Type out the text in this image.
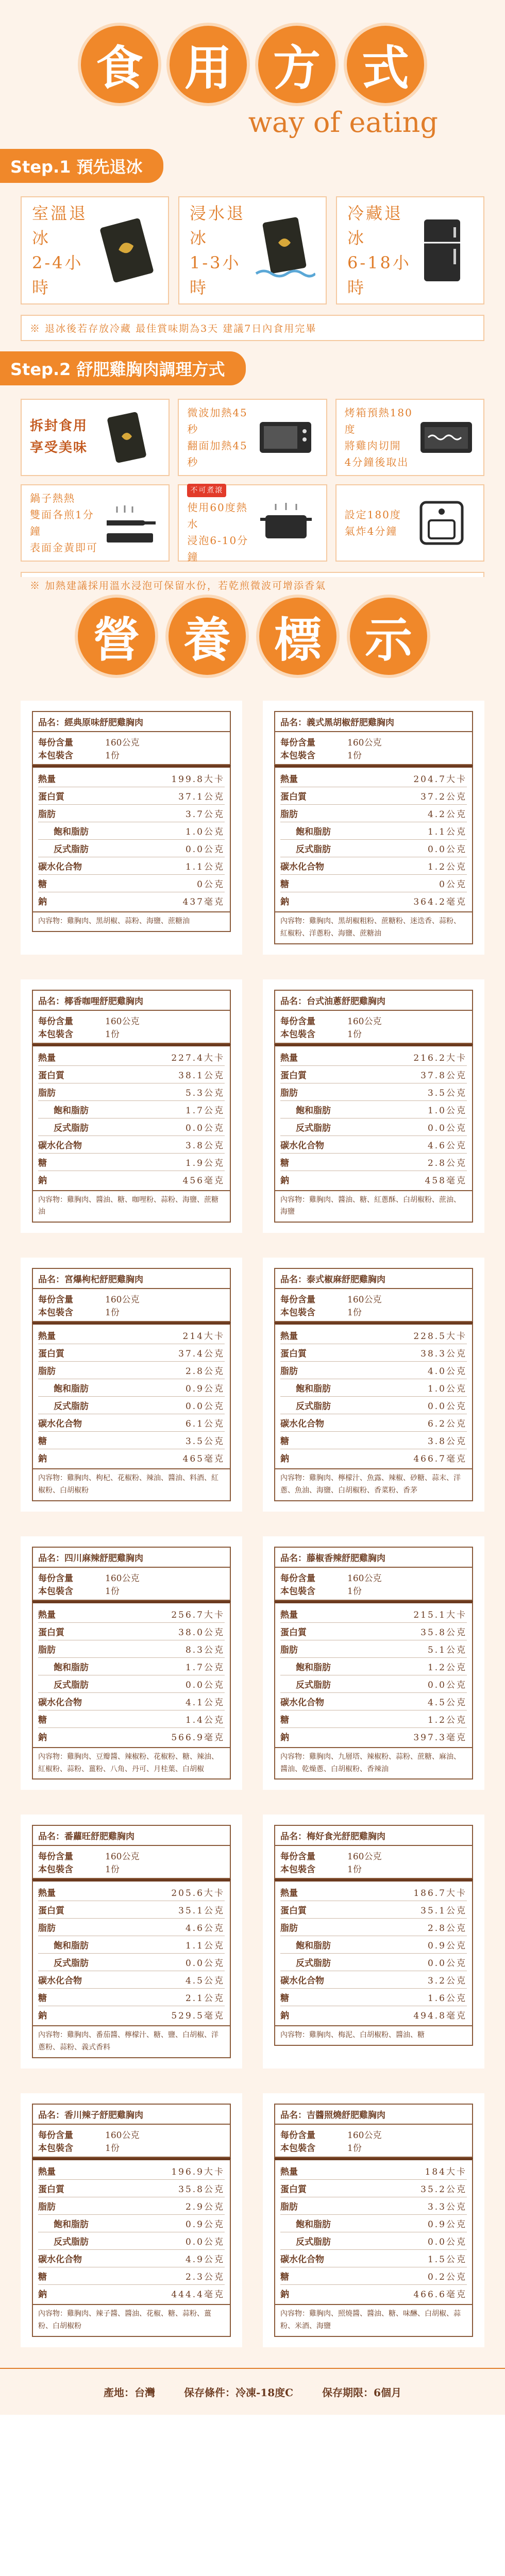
食 用 方 式
way of eating
Step.1 預先退冰
室溫退冰
2-4小時
浸水退冰
1-3小時
冷藏退冰
6-18小時
※ 退冰後若存放冷藏 最佳賞味期為3天 建議7日內食用完畢
Step.2 舒肥雞胸肉調理方式
拆封食用
享受美味
微波加熱45秒
翻面加熱45秒
烤箱預熱180度
將雞肉切開
4分鐘後取出
鍋子熱熱
雙面各煎1分鐘
表面金黃即可
不可煮滾
使用60度熱水
浸泡6-10分鐘
設定180度
氣炸4分鐘
※ 加熱建議採用溫水浸泡可保留水份，若乾煎微波可增添香氣
營 養 標 示
品名：經典原味舒肥雞胸肉
每份含量	160公克
本包裝含	1份
熱量	199.8大卡
蛋白質	37.1公克
脂肪	3.7公克
飽和脂肪	1.0公克
反式脂肪	0.0公克
碳水化合物	1.1公克
糖	0公克
鈉	437毫克
內容物：雞胸肉、黑胡椒、蒜粉、海鹽、蔗糖油
品名：義式黑胡椒舒肥雞胸肉
每份含量	160公克
本包裝含	1份
熱量	204.7大卡
蛋白質	37.2公克
脂肪	4.2公克
飽和脂肪	1.1公克
反式脂肪	0.0公克
碳水化合物	1.2公克
糖	0公克
鈉	364.2毫克
內容物：雞胸肉、黑胡椒粗粉、蔗糖粉、迷迭香、蒜粉、紅椒粉、洋蔥粉、海鹽、蔗糖油
品名：椰香咖哩舒肥雞胸肉
每份含量	160公克
本包裝含	1份
熱量	227.4大卡
蛋白質	38.1公克
脂肪	5.3公克
飽和脂肪	1.7公克
反式脂肪	0.0公克
碳水化合物	3.8公克
糖	1.9公克
鈉	456毫克
內容物：雞胸肉、醬油、糖、咖哩粉、蒜粉、海鹽、蔗糖油
品名：台式油蔥舒肥雞胸肉
每份含量	160公克
本包裝含	1份
熱量	216.2大卡
蛋白質	37.8公克
脂肪	3.5公克
飽和脂肪	1.0公克
反式脂肪	0.0公克
碳水化合物	4.6公克
糖	2.8公克
鈉	458毫克
內容物：雞胸肉、醬油、糖、紅蔥酥、白胡椒粉、蔗油、海鹽
品名：宮爆枸杞舒肥雞胸肉
每份含量	160公克
本包裝含	1份
熱量	214大卡
蛋白質	37.4公克
脂肪	2.8公克
飽和脂肪	0.9公克
反式脂肪	0.0公克
碳水化合物	6.1公克
糖	3.5公克
鈉	465毫克
內容物：雞胸肉、枸杞、花椒粉、辣油、醬油、料酒、紅椒粉、白胡椒粉
品名：泰式椒麻舒肥雞胸肉
每份含量	160公克
本包裝含	1份
熱量	228.5大卡
蛋白質	38.3公克
脂肪	4.0公克
飽和脂肪	1.0公克
反式脂肪	0.0公克
碳水化合物	6.2公克
糖	3.8公克
鈉	466.7毫克
內容物：雞胸肉、檸檬汁、魚露、辣椒、砂糖、蒜末、洋蔥、魚油、海鹽、白胡椒粉、香菜粉、香茅
品名：四川麻辣舒肥雞胸肉
每份含量	160公克
本包裝含	1份
熱量	256.7大卡
蛋白質	38.0公克
脂肪	8.3公克
飽和脂肪	1.7公克
反式脂肪	0.0公克
碳水化合物	4.1公克
糖	1.4公克
鈉	566.9毫克
內容物：雞胸肉、豆瓣醬、辣椒粉、花椒粉、糖、辣油、紅椒粉、蒜粉、薑粉、八角、丹可、月桂葉、白胡椒
品名：藤椒香辣舒肥雞胸肉
每份含量	160公克
本包裝含	1份
熱量	215.1大卡
蛋白質	35.8公克
脂肪	5.1公克
飽和脂肪	1.2公克
反式脂肪	0.0公克
碳水化合物	4.5公克
糖	1.2公克
鈉	397.3毫克
內容物：雞胸肉、九層塔、辣椒粉、蒜粉、蔗糖、麻油、醬油、乾燥蔥、白胡椒粉、香辣油
品名：番蘿旺舒肥雞胸肉
每份含量	160公克
本包裝含	1份
熱量	205.6大卡
蛋白質	35.1公克
脂肪	4.6公克
飽和脂肪	1.1公克
反式脂肪	0.0公克
碳水化合物	4.5公克
糖	2.1公克
鈉	529.5毫克
內容物：雞胸肉、番茄醬、檸檬汁、糖、鹽、白胡椒、洋蔥粉、蒜粉、義式香料
品名：梅好食光舒肥雞胸肉
每份含量	160公克
本包裝含	1份
熱量	186.7大卡
蛋白質	35.1公克
脂肪	2.8公克
飽和脂肪	0.9公克
反式脂肪	0.0公克
碳水化合物	3.2公克
糖	1.6公克
鈉	494.8毫克
內容物：雞胸肉、梅泥、白胡椒粉、醬油、糖
品名：香川辣子舒肥雞胸肉
每份含量	160公克
本包裝含	1份
熱量	196.9大卡
蛋白質	35.8公克
脂肪	2.9公克
飽和脂肪	0.9公克
反式脂肪	0.0公克
碳水化合物	4.9公克
糖	2.3公克
鈉	444.4毫克
內容物：雞胸肉、辣子醬、醬油、花椒、糖、蒜粉、薑粉、白胡椒粉
品名：吉醬照燒舒肥雞胸肉
每份含量	160公克
本包裝含	1份
熱量	184大卡
蛋白質	35.2公克
脂肪	3.3公克
飽和脂肪	0.9公克
反式脂肪	0.0公克
碳水化合物	1.5公克
糖	0.2公克
鈉	466.6毫克
內容物：雞胸肉、照燒醬、醬油、糖、味醂、白胡椒、蒜粉、米酒、海鹽
產地：台灣	保存條件：冷凍-18度C	保存期限：6個月
